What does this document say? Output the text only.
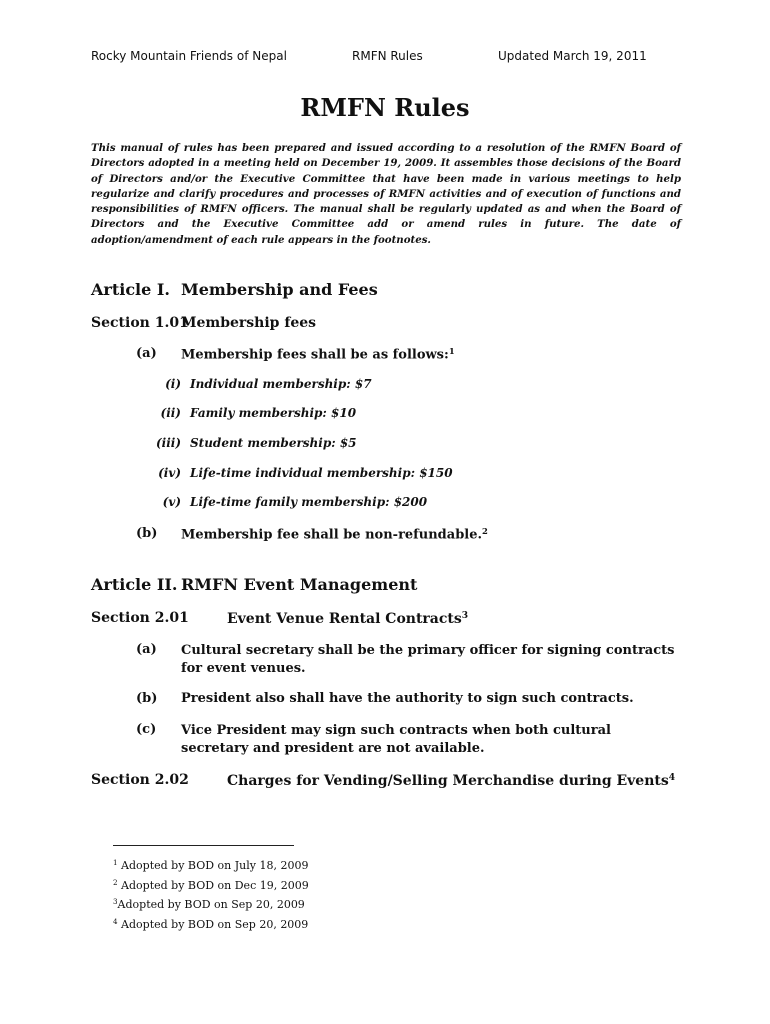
Rocky Mountain Friends of Nepal	RMFN Rules	Updated March 19, 2011
RMFN Rules
This manual of rules has been prepared and issued according to a resolution of the RMFN Board of Directors adopted in a meeting held on December 19, 2009. It assembles those decisions of the Board of Directors and/or the Executive Committee that have been made in various meetings to help regularize and clarify procedures and processes of RMFN activities and of execution of functions and responsibilities of RMFN officers. The manual shall be regularly updated as and when the Board of Directors and the Executive Committee add or amend rules in future. The date of adoption/amendment of each rule appears in the footnotes.
Article I. Membership and Fees
Section 1.01
Membership fees
(a) Membership fees shall be as follows:$^1$
(i) Individual membership: $7
(ii) Family membership: $10
(iii) Student membership: $5
(iv) Life-time individual membership: $150
(v) Life-time family membership: $200
(b) Membership fee shall be non-refundable.$^2$
Article II. RMFN Event Management
Section 2.01	Event Venue Rental Contracts$^3$
(a) Cultural secretary shall be the primary officer for signing contracts for event venues.
(b) President also shall have the authority to sign such contracts.
(c) Vice President may sign such contracts when both cultural secretary and president are not available.
Section 2.02	Charges for Vending/Selling Merchandise during Events$^4$
$^1$ Adopted by BOD on July 18, 2009
$^2$ Adopted by BOD on Dec 19, 2009
$^3$Adopted by BOD on Sep 20, 2009
$^4$ Adopted by BOD on Sep 20, 2009
